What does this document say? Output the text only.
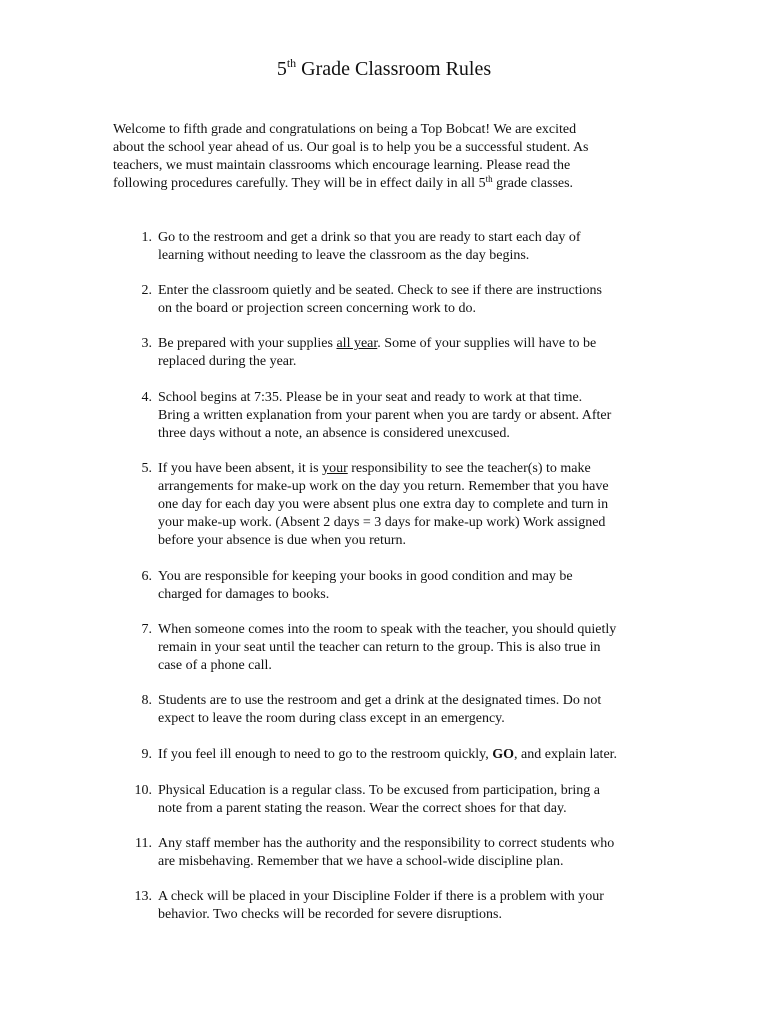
5th Grade Classroom Rules

Welcome to fifth grade and congratulations on being a Top Bobcat! We are excited
about the school year ahead of us. Our goal is to help you be a successful student. As
teachers, we must maintain classrooms which encourage learning. Please read the
following procedures carefully. They will be in effect daily in all 5th grade classes.

1. Go to the restroom and get a drink so that you are ready to start each day of
learning without needing to leave the classroom as the day begins.
2. Enter the classroom quietly and be seated. Check to see if there are instructions
on the board or projection screen concerning work to do.
3. Be prepared with your supplies all year. Some of your supplies will have to be
replaced during the year.
4. School begins at 7:35. Please be in your seat and ready to work at that time.
Bring a written explanation from your parent when you are tardy or absent. After
three days without a note, an absence is considered unexcused.
5. If you have been absent, it is your responsibility to see the teacher(s) to make
arrangements for make-up work on the day you return. Remember that you have
one day for each day you were absent plus one extra day to complete and turn in
your make-up work. (Absent 2 days = 3 days for make-up work) Work assigned
before your absence is due when you return.
6. You are responsible for keeping your books in good condition and may be
charged for damages to books.
7. When someone comes into the room to speak with the teacher, you should quietly
remain in your seat until the teacher can return to the group. This is also true in
case of a phone call.
8. Students are to use the restroom and get a drink at the designated times. Do not
expect to leave the room during class except in an emergency.
9. If you feel ill enough to need to go to the restroom quickly, GO, and explain later.
10. Physical Education is a regular class. To be excused from participation, bring a
note from a parent stating the reason. Wear the correct shoes for that day.
11. Any staff member has the authority and the responsibility to correct students who
are misbehaving. Remember that we have a school-wide discipline plan.
13. A check will be placed in your Discipline Folder if there is a problem with your
behavior. Two checks will be recorded for severe disruptions.
